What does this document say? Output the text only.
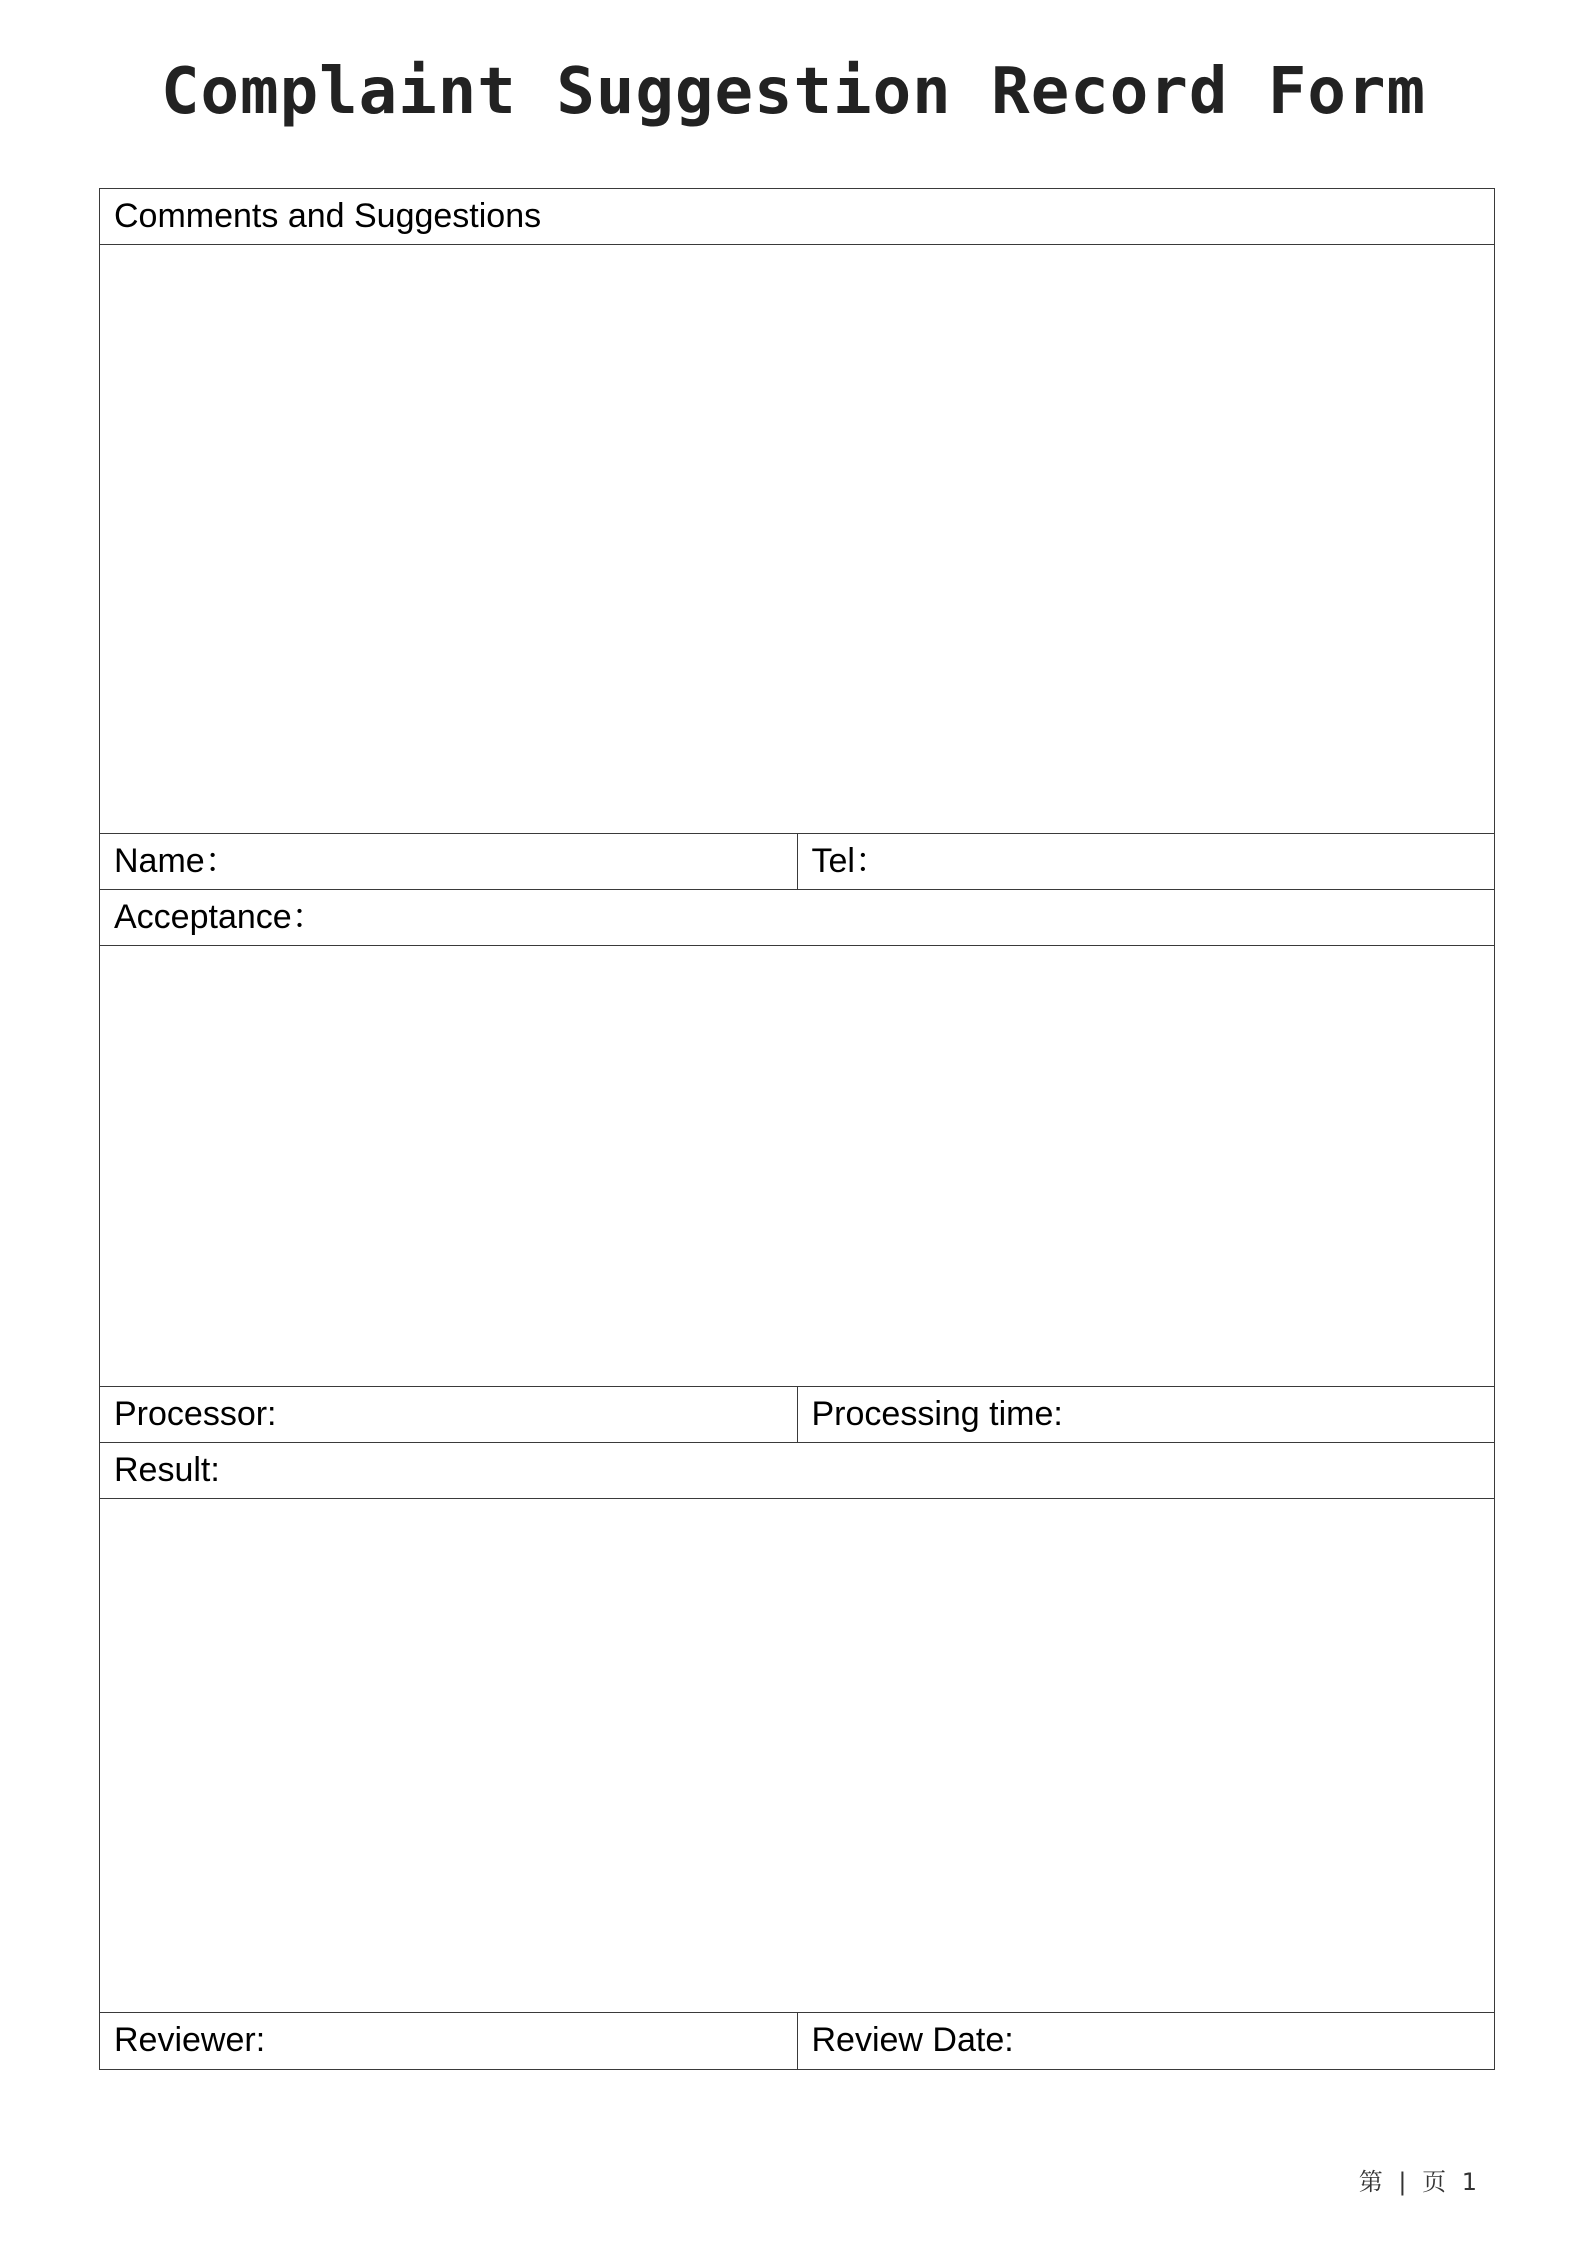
Complaint Suggestion Record Form
Comments and Suggestions
Name：	Tel：
Acceptance：
Processor:	Processing time:
Result:
Reviewer:	Review Date:
第 | 页 1
